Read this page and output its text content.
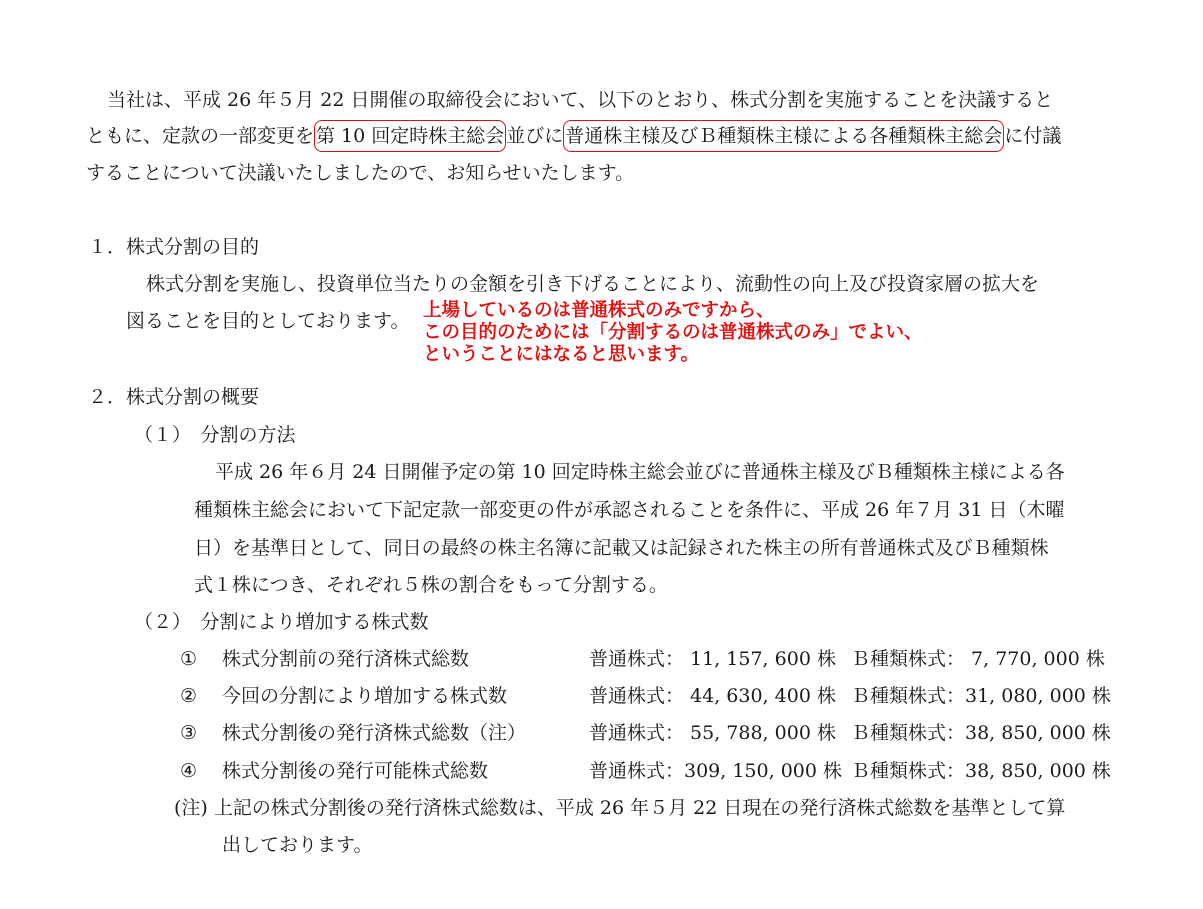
当社は、平成 26 年５月 22 日開催の取締役会において、以下のとおり、株式分割を実施することを決議すると
ともに、定款の一部変更を 第 10 回定時株主総会 並びに 普通株主様及びＢ種類株主様による各種類株主総会 に付議
することについて決議いたしましたので、お知らせいたします。
１．株式分割の目的
株式分割を実施し、投資単位当たりの金額を引き下げることにより、流動性の向上及び投資家層の拡大を
図ることを目的としております。 上場しているのは普通株式のみですから、
この目的のためには「分割するのは普通株式のみ」でよい、
ということにはなると思います。
２．株式分割の概要
（１）　分割の方法
平成 26 年６月 24 日開催予定の第 10 回定時株主総会並びに普通株主様及びＢ種類株主様による各
種類株主総会において下記定款一部変更の件が承認されることを条件に、平成 26 年７月 31 日（木曜
日）を基準日として、同日の最終の株主名簿に記載又は記録された株主の所有普通株式及びＢ種類株
式１株につき、それぞれ５株の割合をもって分割する。
（２）　分割により増加する株式数
① 株式分割前の発行済株式総数	普通株式： 11, 157, 600 株 Ｂ種類株式： 7, 770, 000 株
② 今回の分割により増加する株式数	普通株式： 44, 630, 400 株 Ｂ種類株式：31, 080, 000 株
③ 株式分割後の発行済株式総数（注）	普通株式： 55, 788, 000 株 Ｂ種類株式：38, 850, 000 株
④ 株式分割後の発行可能株式総数	普通株式：309, 150, 000 株 Ｂ種類株式：38, 850, 000 株
(注) 上記の株式分割後の発行済株式総数は、平成 26 年５月 22 日現在の発行済株式総数を基準として算
出しております。
